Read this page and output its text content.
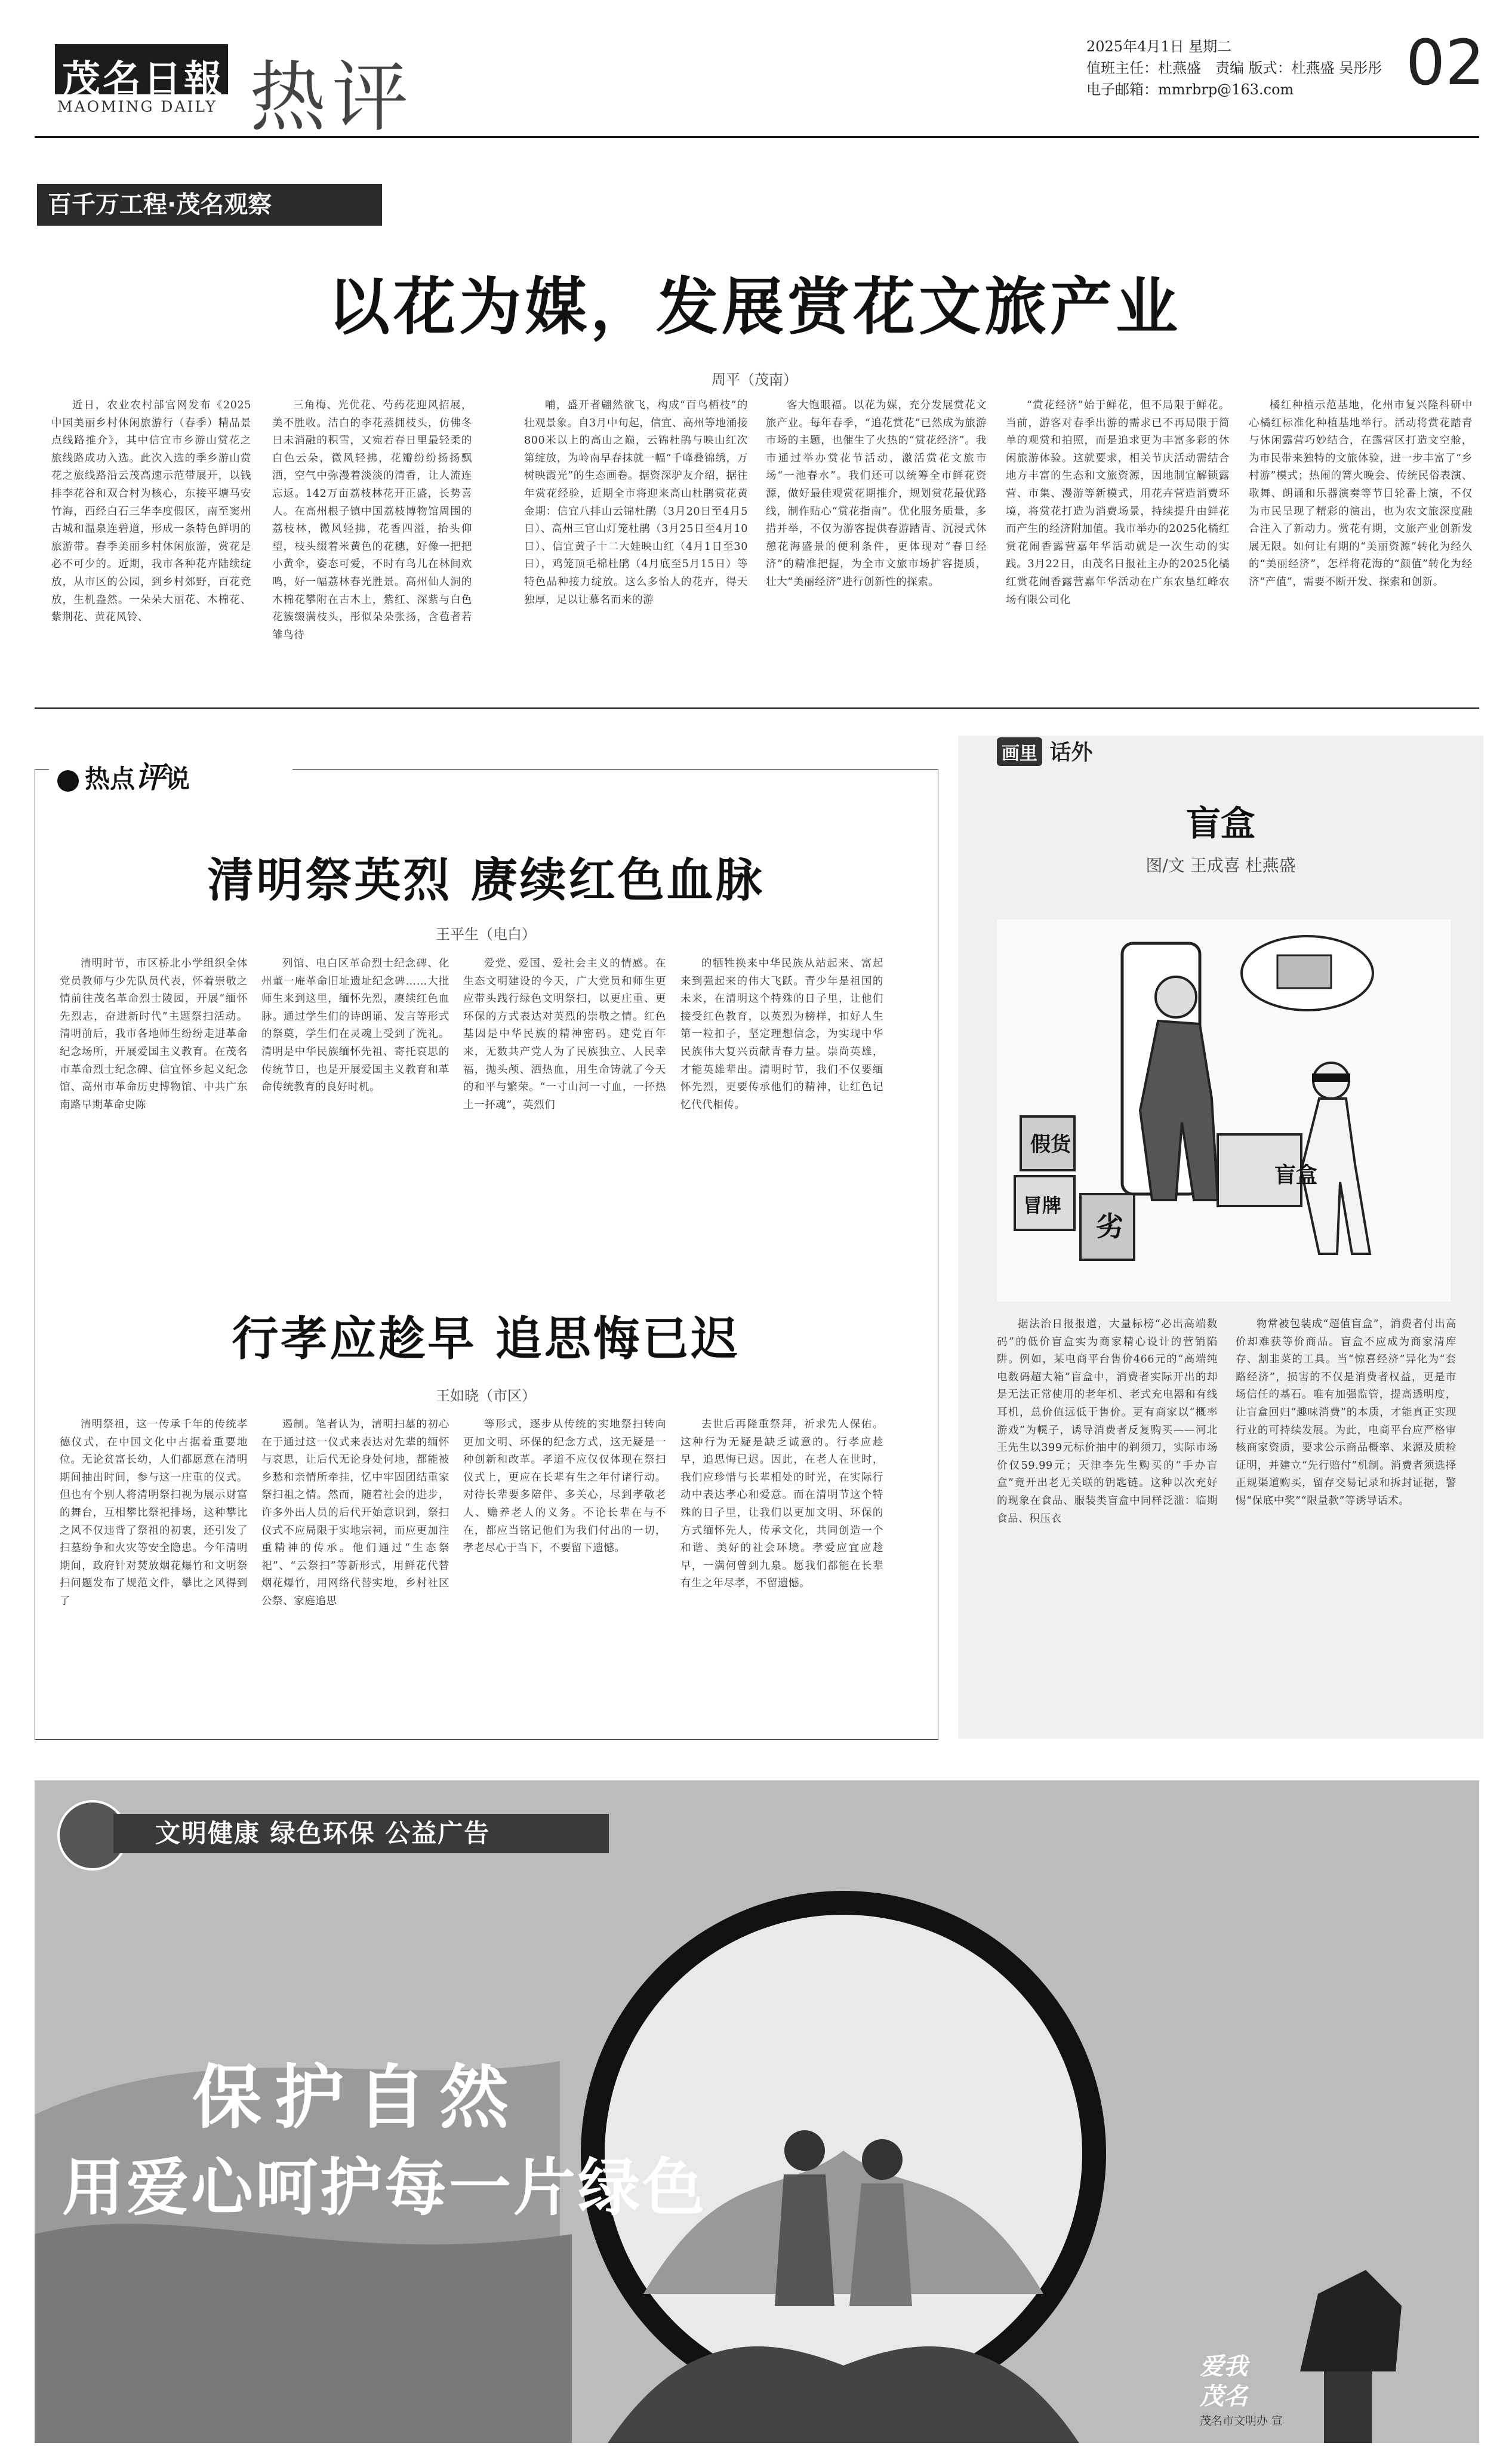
茂名日報
MAOMING DAILY 热评
2025年4月1日 星期二
值班主任：杜燕盛　责编 版式：杜燕盛 吴彤彤
电子邮箱：mmrbrp@163.com	02
百千万工程·茂名观察
以花为媒，发展赏花文旅产业
周平（茂南）

近日，农业农村部官网发布《2025中国美丽乡村休闲旅游行（春季）精品景点线路推介》，其中信宜市乡游山赏花之旅线路成功入选。此次入选的季乡游山赏花之旅线路沿云茂高速示范带展开，以钱排李花谷和双合村为核心，东接平塘马安竹海，西经白石三华李度假区，南至窦州古城和温泉连碧道，形成一条特色鲜明的旅游带。春季美丽乡村休闲旅游，赏花是必不可少的。近期，我市各种花卉陆续绽放，从市区的公园，到乡村郊野，百花竞放，生机盎然。一朵朵大丽花、木棉花、紫荆花、黄花风铃、

三角梅、光优花、芍药花迎风招展，美不胜收。洁白的李花蒸拥枝头，仿佛冬日未消融的积雪，又宛若春日里最轻柔的白色云朵，微风轻拂，花瓣纷纷扬扬飘洒，空气中弥漫着淡淡的清香，让人流连忘返。142万亩荔枝林花开正盛，长势喜人。在高州根子镇中国荔枝博物馆周围的荔枝林，微风轻拂，花香四溢，抬头仰望，枝头缀着米黄色的花穗，好像一把把小黄伞，姿态可爱，不时有鸟儿在林间欢鸣，好一幅荔林春光胜景。高州仙人洞的木棉花攀附在古木上，紫红、深紫与白色花簇缀满枝头，彤似朵朵张扬，含苞者若雏鸟待

哺，盛开者翩然欲飞，构成“百鸟栖枝”的壮观景象。自3月中旬起，信宜、高州等地涌接800米以上的高山之巅，云锦杜鹃与映山红次第绽放，为岭南早春抹就一幅“千峰叠锦绣，万树映霞光”的生态画卷。据资深驴友介绍，据往年赏花经验，近期全市将迎来高山杜鹃赏花黄金期：信宜八排山云锦杜鹃（3月20日至4月5日）、高州三官山灯笼杜鹃（3月25日至4月10日）、信宜黄子十二大娃映山红（4月1日至30日），鸡笼顶毛棉杜鹃（4月底至5月15日）等特色品种接力绽放。这么多怡人的花卉，得天独厚，足以让慕名而来的游

客大饱眼福。以花为媒，充分发展赏花文旅产业。每年春季，“追花赏花”已然成为旅游市场的主题，也催生了火热的“赏花经济”。我市通过举办赏花节活动，激活赏花文旅市场“一池春水”。我们还可以统筹全市鲜花资源，做好最佳观赏花期推介，规划赏花最优路线，制作贴心“赏花指南”。优化服务质量，多措并举，不仅为游客提供春游踏青、沉浸式休憩花海盛景的便利条件，更体现对“春日经济”的精准把握，为全市文旅市场扩容提质，壮大“美丽经济”进行创新性的探索。

“赏花经济”始于鲜花，但不局限于鲜花。当前，游客对春季出游的需求已不再局限于简单的观赏和拍照，而是追求更为丰富多彩的休闲旅游体验。这就要求，相关节庆活动需结合地方丰富的生态和文旅资源，因地制宜解锁露营、市集、漫游等新模式，用花卉营造消费环境，将赏花打造为消费场景，持续提升由鲜花而产生的经济附加值。我市举办的2025化橘红赏花闹香露营嘉年华活动就是一次生动的实践。3月22日，由茂名日报社主办的2025化橘红赏花闹香露营嘉年华活动在广东农垦红峰农场有限公司化

橘红种植示范基地，化州市复兴隆科研中心橘红标准化种植基地举行。活动将赏花踏青与休闲露营巧妙结合，在露营区打造文空舱，为市民带来独特的文旅体验，进一步丰富了“乡村游”模式；热闹的篝火晚会、传统民俗表演、歌舞、朗诵和乐器演奏等节目轮番上演，不仅为市民呈现了精彩的演出，也为农文旅深度融合注入了新动力。赏花有期，文旅产业创新发展无限。如何让有期的“美丽资源”转化为经久的“美丽经济”，怎样将花海的“颜值”转化为经济“产值”，需要不断开发、探索和创新。

热点评说
清明祭英烈 赓续红色血脉
王平生（电白）

清明时节，市区桥北小学组织全体党员教师与少先队员代表，怀着崇敬之情前往茂名革命烈士陵园，开展“缅怀先烈志，奋进新时代”主题祭扫活动。清明前后，我市各地师生纷纷走进革命纪念场所，开展爱国主义教育。在茂名市革命烈士纪念碑、信宜怀乡起义纪念馆、高州市革命历史博物馆、中共广东南路早期革命史陈

列馆、电白区革命烈士纪念碑、化州董一庵革命旧址遗址纪念碑……大批师生来到这里，缅怀先烈，赓续红色血脉。通过学生们的诗朗诵、发言等形式的祭奠，学生们在灵魂上受到了洗礼。清明是中华民族缅怀先祖、寄托哀思的传统节日，也是开展爱国主义教育和革命传统教育的良好时机。

爱党、爱国、爱社会主义的情感。在生态文明建设的今天，广大党员和师生更应带头践行绿色文明祭扫，以更庄重、更环保的方式表达对英烈的崇敬之情。红色基因是中华民族的精神密码。建党百年来，无数共产党人为了民族独立、人民幸福，抛头颅、洒热血，用生命铸就了今天的和平与繁荣。“一寸山河一寸血，一抔热土一抔魂”，英烈们

的牺牲换来中华民族从站起来、富起来到强起来的伟大飞跃。青少年是祖国的未来，在清明这个特殊的日子里，让他们接受红色教育，以英烈为榜样，扣好人生第一粒扣子，坚定理想信念，为实现中华民族伟大复兴贡献青春力量。崇尚英雄，才能英雄辈出。清明时节，我们不仅要缅怀先烈，更要传承他们的精神，让红色记忆代代相传。

行孝应趁早 追思悔已迟
王如晓（市区）

清明祭祖，这一传承千年的传统孝德仪式，在中国文化中占据着重要地位。无论贫富长幼，人们都愿意在清明期间抽出时间，参与这一庄重的仪式。但也有个别人将清明祭扫视为展示财富的舞台，互相攀比祭祀排场，这种攀比之风不仅违背了祭祖的初衷，还引发了扫墓纷争和火灾等安全隐患。今年清明期间，政府针对焚放烟花爆竹和文明祭扫问题发布了规范文件，攀比之风得到了

遏制。笔者认为，清明扫墓的初心在于通过这一仪式来表达对先辈的缅怀与哀思，让后代无论身处何地，都能被乡愁和亲情所牵挂，忆中牢固团结重家祭扫祖之情。然而，随着社会的进步，许多外出人员的后代开始意识到，祭扫仪式不应局限于实地宗祠，而应更加注重精神的传承。他们通过“生态祭祀”、“云祭扫”等新形式，用鲜花代替烟花爆竹，用网络代替实地，乡村社区公祭、家庭追思

等形式，逐步从传统的实地祭扫转向更加文明、环保的纪念方式，这无疑是一种创新和改革。孝道不应仅仅体现在祭扫仪式上，更应在长辈有生之年付诸行动。对待长辈要多陪伴、多关心，尽到孝敬老人、赡养老人的义务。不论长辈在与不在，都应当铭记他们为我们付出的一切，孝老尽心于当下，不要留下遗憾。

去世后再隆重祭拜，祈求先人保佑。这种行为无疑是缺乏诚意的。行孝应趁早，追思悔已迟。因此，在老人在世时，我们应珍惜与长辈相处的时光，在实际行动中表达孝心和爱意。而在清明节这个特殊的日子里，让我们以更加文明、环保的方式缅怀先人，传承文化，共同创造一个和谐、美好的社会环境。孝爱应宜应趁早，一满何曾到九泉。愿我们都能在长辈有生之年尽孝，不留遗憾。

画里 话外
盲盒
图/文 王成喜 杜燕盛
盲盒
假货
冒牌
劣

据法治日报报道，大量标榜“必出高端数码”的低价盲盒实为商家精心设计的营销陷阱。例如，某电商平台售价466元的“高端纯电数码超大箱”盲盒中，消费者实际开出的却是无法正常使用的老年机、老式充电器和有线耳机，总价值远低于售价。更有商家以“概率游戏”为幌子，诱导消费者反复购买——河北王先生以399元标价抽中的剃须刀，实际市场价仅59.99元；天津李先生购买的“手办盲盒”竟开出老无关联的钥匙链。这种以次充好的现象在食品、服装类盲盒中同样泛滥：临期食品、积压衣

物常被包装成“超值盲盒”，消费者付出高价却难获等价商品。盲盒不应成为商家清库存、割韭菜的工具。当“惊喜经济”异化为“套路经济”，损害的不仅是消费者权益，更是市场信任的基石。唯有加强监管，提高透明度，让盲盒回归“趣味消费”的本质，才能真正实现行业的可持续发展。为此，电商平台应严格审核商家资质，要求公示商品概率、来源及质检证明，并建立“先行赔付”机制。消费者须选择正规渠道购买，留存交易记录和拆封证据，警惕“保底中奖”“限量款”等诱导话术。

文明健康 绿色环保 公益广告
保护自然
用爱心呵护每一片绿色
爱我
茂名
茂名市文明办 宣
